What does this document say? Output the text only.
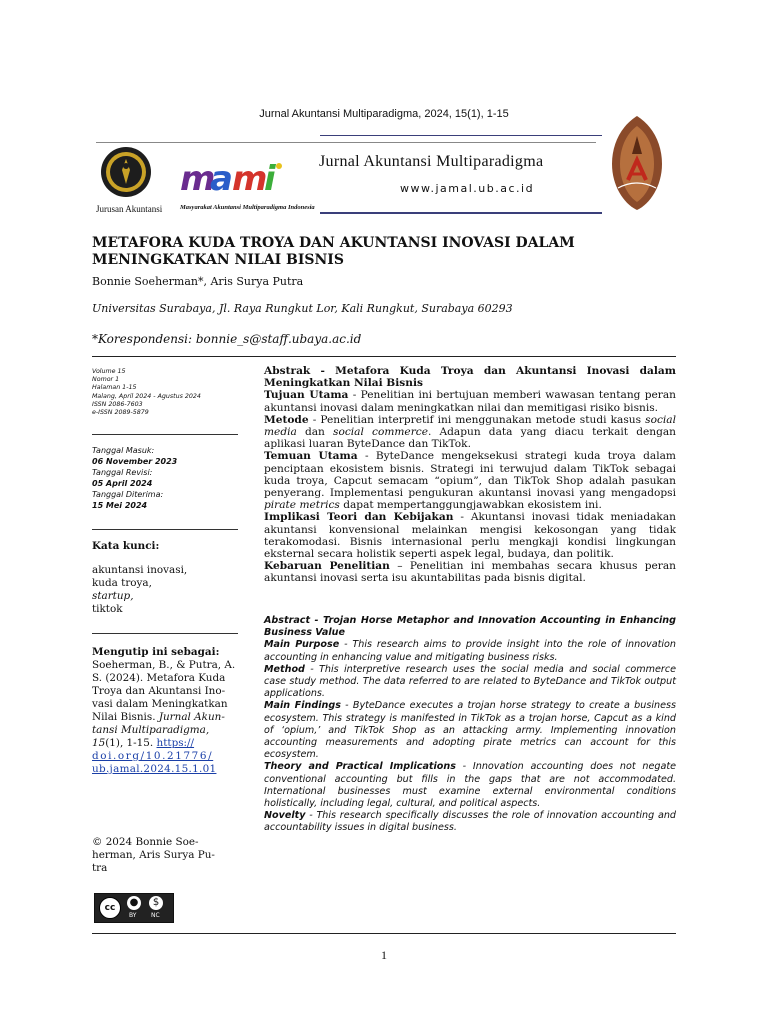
Jurnal Akuntansi Multiparadigma, 2024, 15(1), 1-15
Jurusan Akuntansi
m
a m
i
Masyarakat Akuntansi Multiparadigma Indonesia
Jurnal Akuntansi Multiparadigma
www.jamal.ub.ac.id
METAFORA KUDA TROYA DAN AKUNTANSI INOVASI DALAM
MENINGKATKAN NILAI BISNIS
Bonnie Soeherman*, Aris Surya Putra
Universitas Surabaya, Jl. Raya Rungkut Lor, Kali Rungkut, Surabaya 60293
*Korespondensi: bonnie_s@staff.ubaya.ac.id
Volume 15
Nomor 1
Halaman 1-15
Malang, April 2024 - Agustus 2024
ISSN 2086-7603
e-ISSN 2089-5879
Tanggal Masuk:
06 November 2023
Tanggal Revisi:
05 April 2024
Tanggal Diterima:
15 Mei 2024
Kata kunci:
akuntansi inovasi,
kuda troya,
startup,
tiktok
Mengutip ini sebagai:
Soeherman, B., & Putra, A.
S. (2024). Metafora Kuda
Troya dan Akuntansi Ino-
vasi dalam Meningkatkan
Nilai Bisnis. Jurnal Akun-
tansi Multiparadigma,
15(1), 1-15. https://
doi.org/10.21776/
ub.jamal.2024.15.1.01
© 2024 Bonnie Soe-
herman, Aris Surya Pu-
tra
cc	●	$
BY NC
Abstrak - Metafora Kuda Troya dan Akuntansi Inovasi dalam Meningkatkan Nilai Bisnis
Tujuan Utama - Penelitian ini bertujuan memberi wawasan tentang peran akuntansi inovasi dalam meningkatkan nilai dan memitigasi risiko bisnis.
Metode - Penelitian interpretif ini menggunakan metode studi kasus social media dan social commerce. Adapun data yang diacu terkait dengan aplikasi luaran ByteDance dan TikTok.
Temuan Utama - ByteDance mengeksekusi strategi kuda troya dalam penciptaan ekosistem bisnis. Strategi ini terwujud dalam TikTok sebagai kuda troya, Capcut semacam “opium”, dan TikTok Shop adalah pasukan penyerang. Implementasi pengukuran akuntansi inovasi yang mengadopsi pirate metrics dapat mempertanggungjawabkan ekosistem ini.
Implikasi Teori dan Kebijakan - Akuntansi inovasi tidak meniadakan akuntansi konvensional melainkan mengisi kekosongan yang tidak terakomodasi. Bisnis internasional perlu mengkaji kondisi lingkungan eksternal secara holistik seperti aspek legal, budaya, dan politik.
Kebaruan Penelitian – Penelitian ini membahas secara khusus peran akuntansi inovasi serta isu akuntabilitas pada bisnis digital.
Abstract - Trojan Horse Metaphor and Innovation Accounting in Enhancing Business Value
Main Purpose - This research aims to provide insight into the role of innovation accounting in enhancing value and mitigating business risks.
Method - This interpretive research uses the social media and social commerce case study method. The data referred to are related to ByteDance and TikTok output applications.
Main Findings - ByteDance executes a trojan horse strategy to create a business ecosystem. This strategy is manifested in TikTok as a trojan horse, Capcut as a kind of ‘opium,’ and TikTok Shop as an attacking army. Implementing innovation accounting measurements and adopting pirate metrics can account for this ecosystem.
Theory and Practical Implications - Innovation accounting does not negate conventional accounting but fills in the gaps that are not accommodated. International businesses must examine external environmental conditions holistically, including legal, cultural, and political aspects.
Novelty - This research specifically discusses the role of innovation accounting and accountability issues in digital business.
1
